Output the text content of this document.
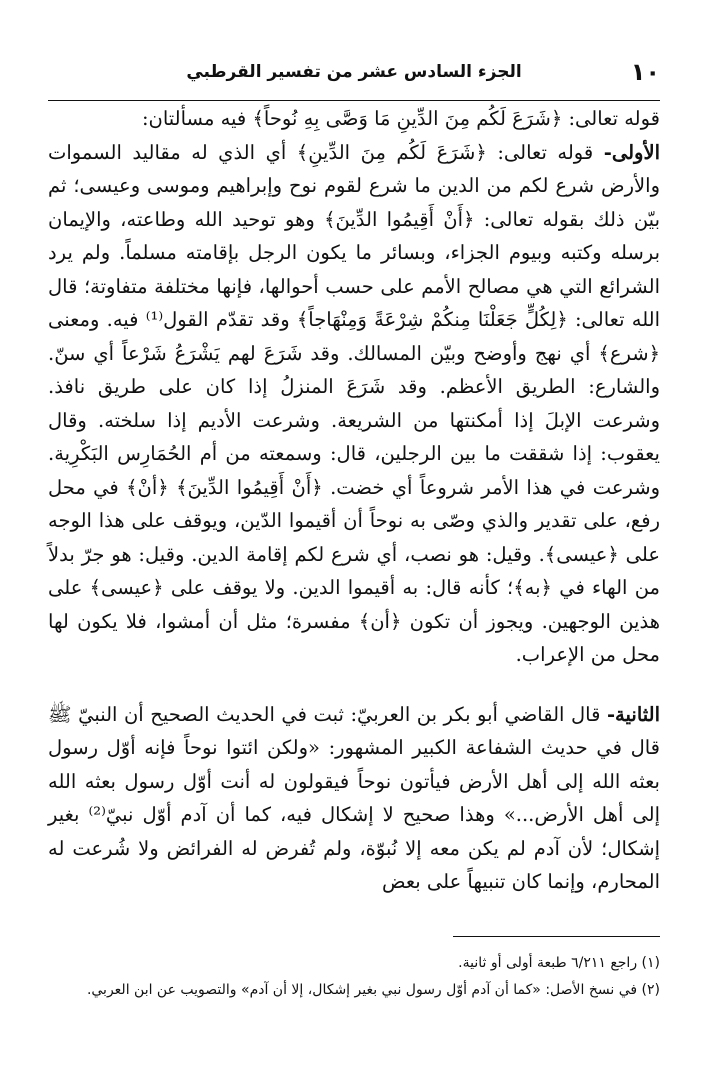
الجزء السادس عشر من تفسير القرطبي	١٠

قوله تعالى: ﴿شَرَعَ لَكُم مِنَ الدِّينِ مَا وَصَّى بِهِ نُوحاً﴾ فيه مسألتان:

الأولى- قوله تعالى: ﴿شَرَعَ لَكُم مِنَ الدِّينِ﴾ أي الذي له مقاليد السموات والأرض شرع لكم من الدين ما شرع لقوم نوح وإبراهيم وموسى وعيسى؛ ثم بيّن ذلك بقوله تعالى: ﴿أَنْ أَقِيمُوا الدِّينَ﴾ وهو توحيد الله وطاعته، والإيمان برسله وكتبه وبيوم الجزاء، وبسائر ما يكون الرجل بإقامته مسلماً. ولم يرد الشرائع التي هي مصالح الأمم على حسب أحوالها، فإنها مختلفة متفاوتة؛ قال الله تعالى: ﴿لِكُلٍّ جَعَلْنَا مِنكُمْ شِرْعَةً وَمِنْهَاجاً﴾ وقد تقدّم القول⁽¹⁾ فيه. ومعنى ﴿شرع﴾ أي نهج وأوضح وبيّن المسالك. وقد شَرَعَ لهم يَشْرَعُ شَرْعاً أي سنّ. والشارع: الطريق الأعظم. وقد شَرَعَ المنزلُ إذا كان على طريق نافذ. وشرعت الإبلَ إذا أمكنتها من الشريعة. وشرعت الأديم إذا سلخته. وقال يعقوب: إذا شققت ما بين الرجلين، قال: وسمعته من أم الحُمَارِس البَكْرِية. وشرعت في هذا الأمر شروعاً أي خضت. ﴿أَنْ أَقِيمُوا الدِّينَ﴾ ﴿أنْ﴾ في محل رفع، على تقدير والذي وصّى به نوحاً أن أقيموا الدّين، ويوقف على هذا الوجه على ﴿عيسى﴾. وقيل: هو نصب، أي شرع لكم إقامة الدين. وقيل: هو جرّ بدلاً من الهاء في ﴿به﴾؛ كأنه قال: به أقيموا الدين. ولا يوقف على ﴿عيسى﴾ على هذين الوجهين. ويجوز أن تكون ﴿أن﴾ مفسرة؛ مثل أن أمشوا، فلا يكون لها محل من الإعراب.

الثانية- قال القاضي أبو بكر بن العربيّ: ثبت في الحديث الصحيح أن النبيّ ﷺ قال في حديث الشفاعة الكبير المشهور: «ولكن ائتوا نوحاً فإنه أوّل رسول بعثه الله إلى أهل الأرض فيأتون نوحاً فيقولون له أنت أوّل رسول بعثه الله إلى أهل الأرض...» وهذا صحيح لا إشكال فيه، كما أن آدم أوّل نبيّ⁽²⁾ بغير إشكال؛ لأن آدم لم يكن معه إلا نُبوّة، ولم تُفرض له الفرائض ولا شُرعت له المحارم، وإنما كان تنبيهاً على بعض

(١) راجع ٦/٢١١ طبعة أولى أو ثانية.

(٢) في نسخ الأصل: «كما أن آدم أوّل رسول نبي بغير إشكال، إلا أن آدم» والتصويب عن ابن العربي.
